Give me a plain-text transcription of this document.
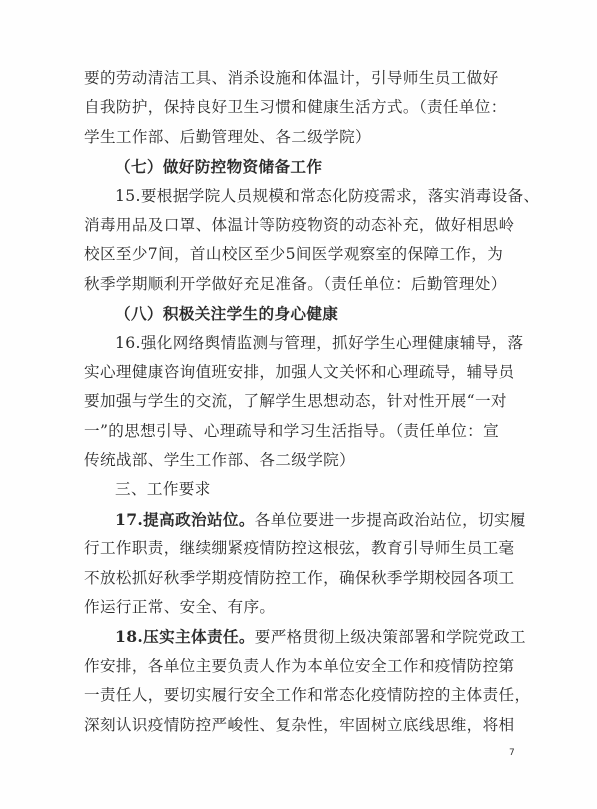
要的劳动清洁工具、消杀设施和体温计，引导师生员工做好
自我防护，保持良好卫生习惯和健康生活方式。（责任单位：
学生工作部、后勤管理处、各二级学院）
（七）做好防控物资储备工作
15.要根据学院人员规模和常态化防疫需求，落实消毒设备、
消毒用品及口罩、体温计等防疫物资的动态补充，做好相思岭
校区至少7间，首山校区至少5间医学观察室的保障工作，为
秋季学期顺利开学做好充足准备。（责任单位：后勤管理处）
（八）积极关注学生的身心健康
16.强化网络舆情监测与管理，抓好学生心理健康辅导，落
实心理健康咨询值班安排，加强人文关怀和心理疏导，辅导员
要加强与学生的交流，了解学生思想动态，针对性开展“一对
一”的思想引导、心理疏导和学习生活指导。（责任单位：宣
传统战部、学生工作部、各二级学院）
三、工作要求
17.提高政治站位。各单位要进一步提高政治站位，切实履
行工作职责，继续绷紧疫情防控这根弦，教育引导师生员工毫
不放松抓好秋季学期疫情防控工作，确保秋季学期校园各项工
作运行正常、安全、有序。
18.压实主体责任。要严格贯彻上级决策部署和学院党政工
作安排，各单位主要负责人作为本单位安全工作和疫情防控第
一责任人，要切实履行安全工作和常态化疫情防控的主体责任，
深刻认识疫情防控严峻性、复杂性，牢固树立底线思维，将相
7
